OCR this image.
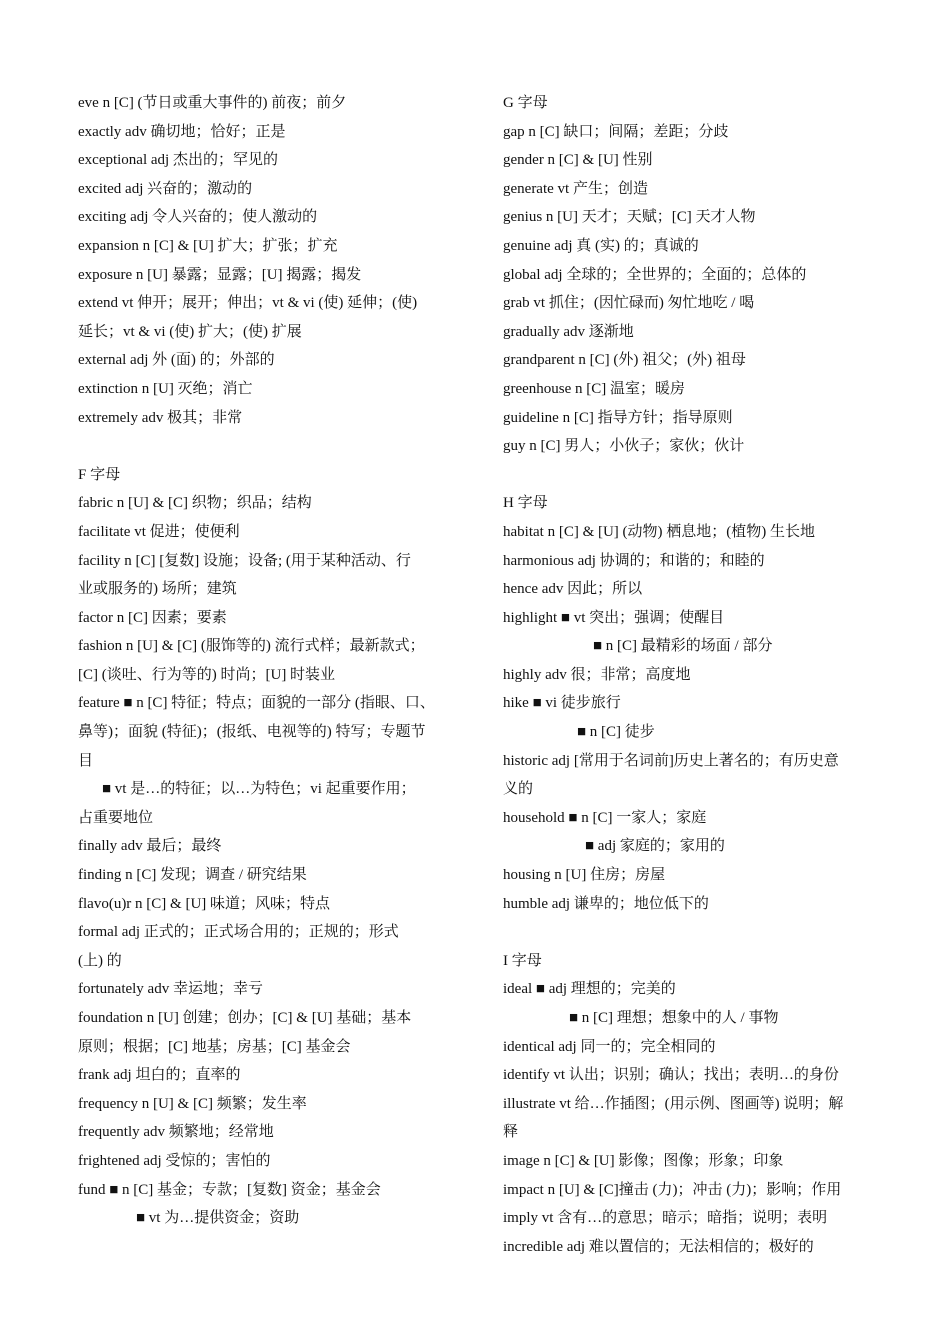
eve n [C] (节日或重大事件的) 前夜；前夕
exactly adv 确切地；恰好；正是
exceptional adj 杰出的；罕见的
excited adj 兴奋的；激动的
exciting adj 令人兴奋的；使人激动的
expansion n [C] & [U] 扩大；扩张；扩充
exposure n [U] 暴露；显露；[U] 揭露；揭发
extend vt 伸开；展开；伸出；vt & vi (使) 延伸；(使)
延长；vt & vi (使) 扩大；(使) 扩展
external adj 外 (面) 的；外部的
extinction n [U] 灭绝；消亡
extremely adv 极其；非常
F 字母
fabric n [U] & [C] 织物；织品；结构
facilitate vt 促进；使便利
facility n [C] [复数] 设施；设备; (用于某种活动、行
业或服务的) 场所；建筑
factor n [C] 因素；要素
fashion n [U] & [C] (服饰等的) 流行式样；最新款式；
[C] (谈吐、行为等的) 时尚；[U] 时装业
feature ■ n [C] 特征；特点；面貌的一部分 (指眼、口、
鼻等)；面貌 (特征)；(报纸、电视等的) 特写；专题节
目
■ vt 是…的特征；以…为特色；vi 起重要作用；
占重要地位
finally adv 最后；最终
finding n [C] 发现；调查 / 研究结果
flavo(u)r n [C] & [U] 味道；风味；特点
formal adj 正式的；正式场合用的；正规的；形式
(上) 的
fortunately adv 幸运地；幸亏
foundation n [U] 创建；创办；[C] & [U] 基础；基本
原则；根据；[C] 地基；房基；[C] 基金会
frank adj 坦白的；直率的
frequency n [U] & [C] 频繁；发生率
frequently adv 频繁地；经常地
frightened adj 受惊的；害怕的
fund ■ n [C] 基金；专款；[复数] 资金；基金会
■ vt 为…提供资金；资助
G 字母
gap n [C] 缺口；间隔；差距；分歧
gender n [C] & [U] 性别
generate vt 产生；创造
genius n [U] 天才；天赋；[C] 天才人物
genuine adj 真 (实) 的；真诚的
global adj 全球的；全世界的；全面的；总体的
grab vt 抓住；(因忙碌而) 匆忙地吃 / 喝
gradually adv 逐渐地
grandparent n [C] (外) 祖父；(外) 祖母
greenhouse n [C] 温室；暖房
guideline n [C] 指导方针；指导原则
guy n [C] 男人；小伙子；家伙；伙计
H 字母
habitat n [C] & [U] (动物) 栖息地；(植物) 生长地
harmonious adj 协调的；和谐的；和睦的
hence adv 因此；所以
highlight ■ vt 突出；强调；使醒目
■ n [C] 最精彩的场面 / 部分
highly adv 很；非常；高度地
hike ■ vi 徒步旅行
■ n [C] 徒步
historic adj [常用于名词前]历史上著名的；有历史意
义的
household ■ n [C] 一家人；家庭
■ adj 家庭的；家用的
housing n [U] 住房；房屋
humble adj 谦卑的；地位低下的
I 字母
ideal ■ adj 理想的；完美的
■ n [C] 理想；想象中的人 / 事物
identical adj 同一的；完全相同的
identify vt 认出；识别；确认；找出；表明…的身份
illustrate vt 给…作插图；(用示例、图画等) 说明；解
释
image n [C] & [U] 影像；图像；形象；印象
impact n [U] & [C]撞击 (力)；冲击 (力)；影响；作用
imply vt 含有…的意思；暗示；暗指；说明；表明
incredible adj 难以置信的；无法相信的；极好的
